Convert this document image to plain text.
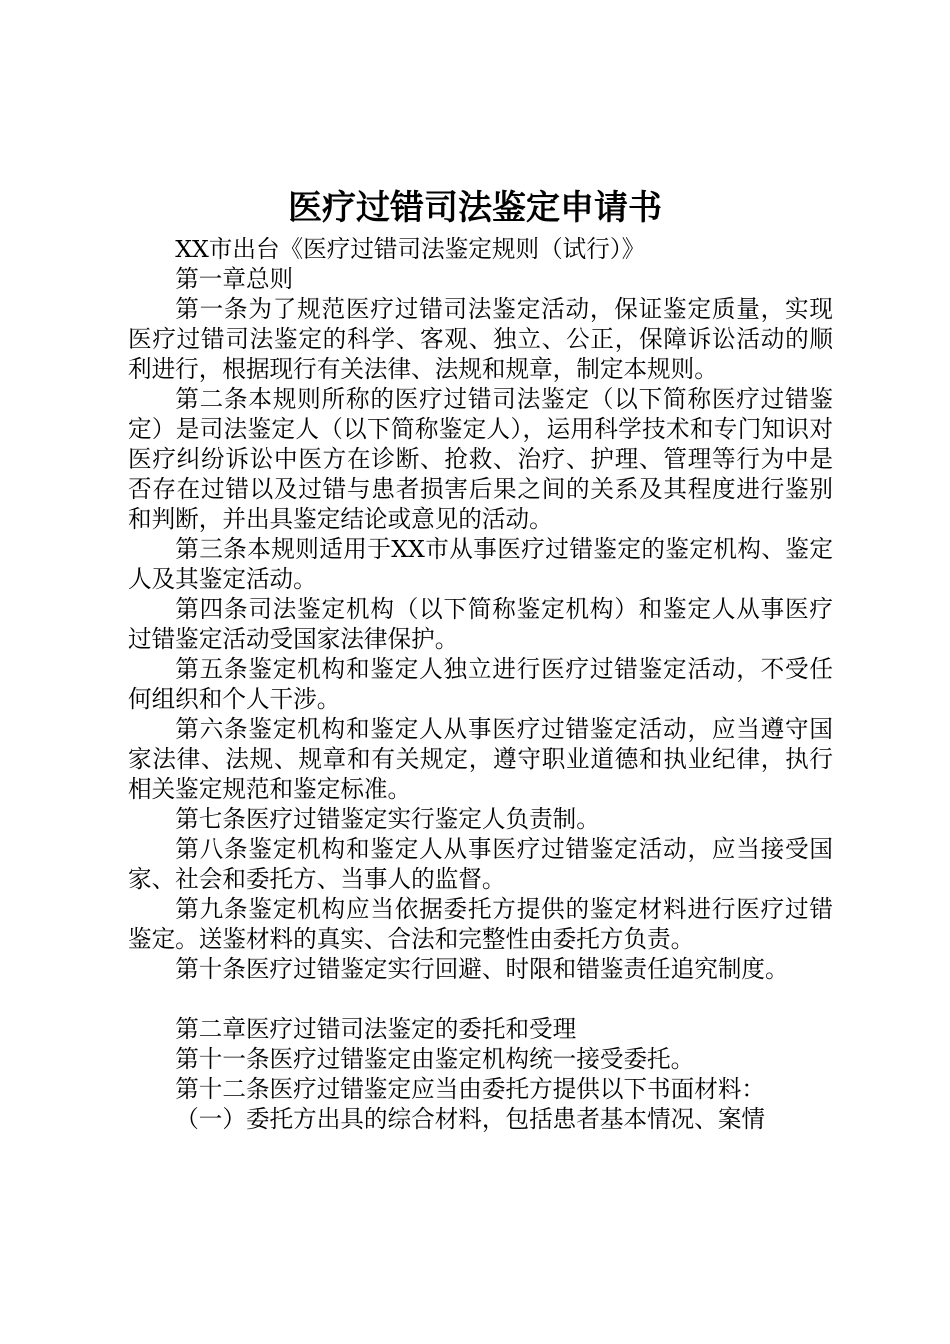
医疗过错司法鉴定申请书

XX市出台《医疗过错司法鉴定规则（试行）》

第一章总则

第一条为了规范医疗过错司法鉴定活动，保证鉴定质量，实现医疗过错司法鉴定的科学、客观、独立、公正，保障诉讼活动的顺利进行，根据现行有关法律、法规和规章，制定本规则。

第二条本规则所称的医疗过错司法鉴定（以下简称医疗过错鉴定）是司法鉴定人（以下简称鉴定人），运用科学技术和专门知识对医疗纠纷诉讼中医方在诊断、抢救、治疗、护理、管理等行为中是否存在过错以及过错与患者损害后果之间的关系及其程度进行鉴别和判断，并出具鉴定结论或意见的活动。

第三条本规则适用于XX市从事医疗过错鉴定的鉴定机构、鉴定人及其鉴定活动。

第四条司法鉴定机构（以下简称鉴定机构）和鉴定人从事医疗过错鉴定活动受国家法律保护。

第五条鉴定机构和鉴定人独立进行医疗过错鉴定活动，不受任何组织和个人干涉。

第六条鉴定机构和鉴定人从事医疗过错鉴定活动，应当遵守国家法律、法规、规章和有关规定，遵守职业道德和执业纪律，执行相关鉴定规范和鉴定标准。

第七条医疗过错鉴定实行鉴定人负责制。

第八条鉴定机构和鉴定人从事医疗过错鉴定活动，应当接受国家、社会和委托方、当事人的监督。

第九条鉴定机构应当依据委托方提供的鉴定材料进行医疗过错鉴定。送鉴材料的真实、合法和完整性由委托方负责。

第十条医疗过错鉴定实行回避、时限和错鉴责任追究制度。

第二章医疗过错司法鉴定的委托和受理

第十一条医疗过错鉴定由鉴定机构统一接受委托。

第十二条医疗过错鉴定应当由委托方提供以下书面材料：

（一）委托方出具的综合材料，包括患者基本情况、案情
